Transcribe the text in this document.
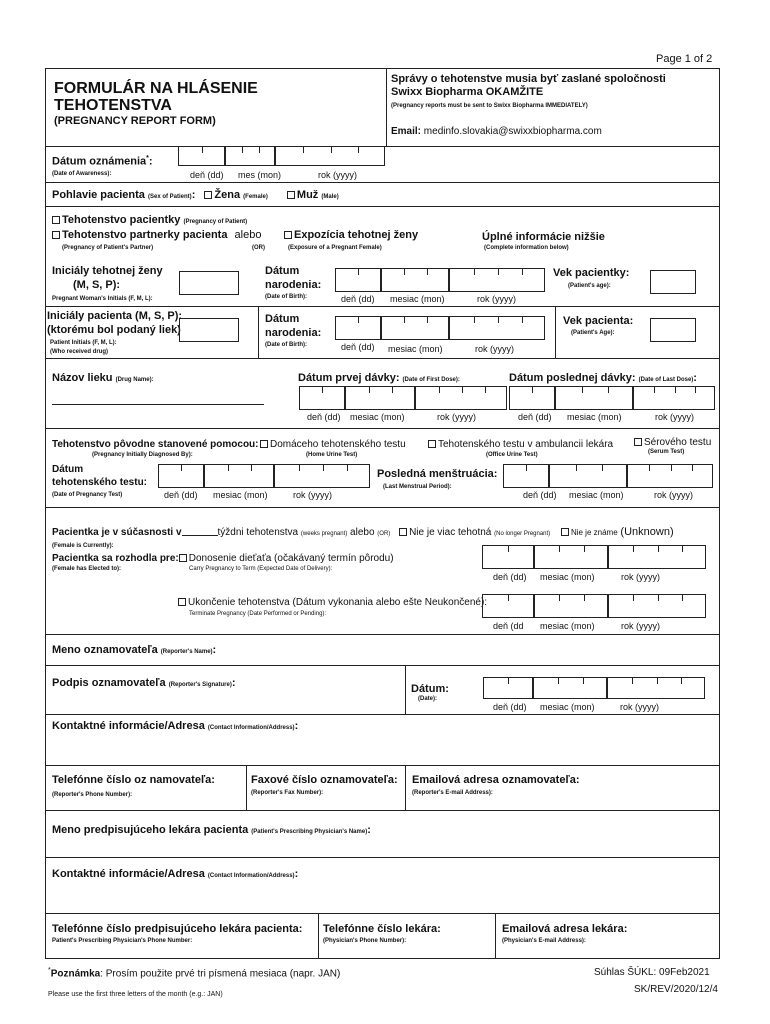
Page 1 of 2
FORMULÁR NA HLÁSENIE
TEHOTENSTVA
(PREGNANCY REPORT FORM)
Správy o tehotenstve musia byť zaslané spoločnosti
Swixx Biopharma OKAMŽITE
(Pregnancy reports must be sent to Swixx Biopharma IMMEDIATELY)
Email: medinfo.slovakia@swixxbiopharma.com
Dátum oznámenia*:
(Date of Awareness):	deň (dd) mes (mon)	rok (yyyy)
Pohlavie pacienta (Sex of Patient): Žena (Female)	Muž (Male)
Tehotenstvo pacientky (Pregnancy of Patient)
Tehotenstvo partnerky pacienta alebo	Expozícia tehotnej ženy
(Pregnancy of Patient's Partner)	(OR)	(Exposure of a Pregnant Female)
Úplné informácie nižšie
(Complete information below)
Iniciály tehotnej ženy
(M, S, P):
Pregnant Woman's Initials (F, M, L):
Dátum
narodenia:
(Date of Birth):	deň (dd) mesiac (mon)	rok (yyyy)
Vek pacientky:
(Patient's age):
Iniciály pacienta (M, S, P):
(ktorému bol podaný liek)
Patient Initials (F, M, L):
(Who received drug)
Dátum
narodenia:
(Date of Birth):	deň (dd) mesiac (mon)	rok (yyyy)
Vek pacienta:
(Patient's Age):
Názov lieku (Drug Name):	Dátum prvej dávky: (Date of First Dose):	Dátum poslednej dávky: (Date of Last Dose):
deň (dd) mesiac (mon)	rok (yyyy)	deň (dd) mesiac (mon)	rok (yyyy)
Tehotenstvo pôvodne stanovené pomocou:
(Pregnancy Initially Diagnosed By):
Domáceho tehotenského testu
(Home Urine Test)
Tehotenského testu v ambulancii lekára
(Office Urine Test)
Sérového testu
(Serum Test)
Dátum
tehotenského testu:
(Date of Pregnancy Test)	deň (dd) mesiac (mon)	rok (yyyy)
Posledná menštruácia:
(Last Menstrual Period):
deň (dd) mesiac (mon)	rok (yyyy)
Pacientka je v súčasnosti v	týždni tehotenstva (weeks pregnant) alebo (OR) Nie je viac tehotná (No longer Pregnant)	Nie je známe (Unknown)
(Female is Currently):
Pacientka sa rozhodla pre: Donosenie dieťaťa (očakávaný termín pôrodu)
(Female has Elected to):	Carry Pregnancy to Term (Expected Date of Delivery):
deň (dd) mesiac (mon)	rok (yyyy)
Ukončenie tehotenstva (Dátum vykonania alebo ešte Neukončené):
Terminate Pregnancy (Date Performed or Pending):
deň (dd mesiac (mon)	rok (yyyy)
Meno oznamovateľa (Reporter's Name):
Podpis oznamovateľa (Reporter's Signature):	Dátum:
(Date):
deň (dd) mesiac (mon)	rok (yyyy)
Kontaktné informácie/Adresa (Contact Information/Address):
Telefónne číslo oz namovateľa:
(Reporter's Phone Number):
Faxové číslo oznamovateľa:
(Reporter's Fax Number):
Emailová adresa oznamovateľa:
(Reporter's E-mail Address):
Meno predpisujúceho lekára pacienta (Patient's Prescribing Physician's Name):
Kontaktné informácie/Adresa (Contact Information/Address):
Telefónne číslo predpisujúceho lekára pacienta:
Patient's Prescribing Physician's Phone Number:
Telefónne číslo lekára:
(Physician's Phone Number):
Emailová adresa lekára:
(Physician's E-mail Address):
*Poznámka: Prosím použite prvé tri písmená mesiaca (napr. JAN)
Please use the first three letters of the month (e.g.: JAN)
Súhlas ŠÚKL: 09Feb2021
SK/REV/2020/12/4
